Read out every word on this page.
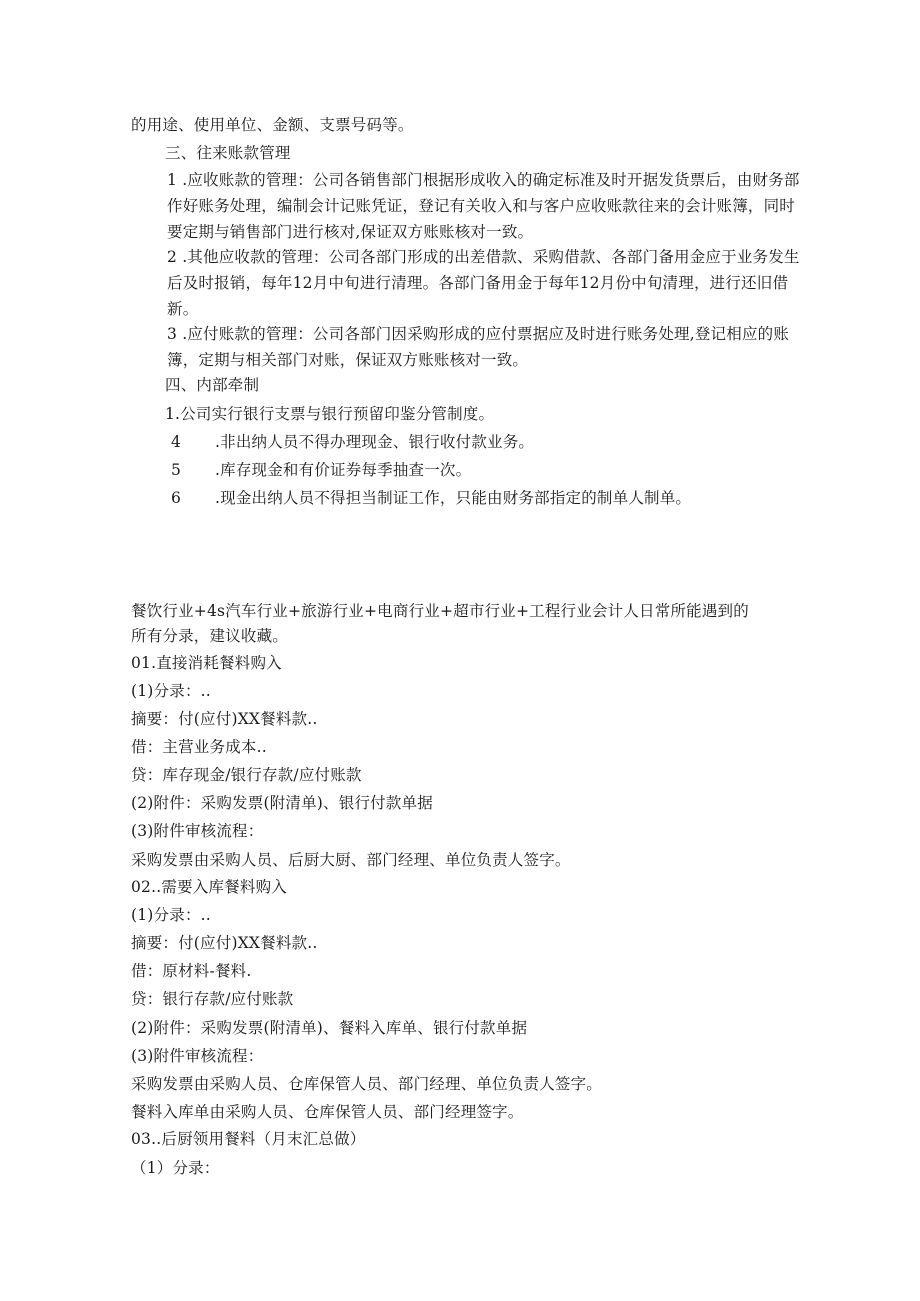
的用途、使用单位、金额、支票号码等。
三、往来账款管理
1 .应收账款的管理：公司各销售部门根据形成收入的确定标准及时开据发货票后，由财务部作好账务处理，编制会计记账凭证，登记有关收入和与客户应收账款往来的会计账簿，同时要定期与销售部门进行核对,保证双方账账核对一致。
2 .其他应收款的管理：公司各部门形成的出差借款、采购借款、各部门备用金应于业务发生后及时报销，每年12月中旬进行清理。各部门备用金于每年12月份中旬清理，进行还旧借新。
3 .应付账款的管理：公司各部门因采购形成的应付票据应及时进行账务处理,登记相应的账簿，定期与相关部门对账，保证双方账账核对一致。
四、内部牵制
1.公司实行银行支票与银行预留印鉴分管制度。
4 .非出纳人员不得办理现金、银行收付款业务。
5 .库存现金和有价证券每季抽查一次。
6 .现金出纳人员不得担当制证工作，只能由财务部指定的制单人制单。
餐饮行业+4s汽车行业+旅游行业+电商行业+超市行业+工程行业会计人日常所能遇到的
所有分录，建议收藏。
01.直接消耗餐料购入
(1)分录：..
摘要：付(应付)XX餐料款..
借：主营业务成本..
贷：库存现金/银行存款/应付账款
(2)附件：采购发票(附清单)、银行付款单据
(3)附件审核流程：
采购发票由采购人员、后厨大厨、部门经理、单位负责人签字。
02..需要入库餐料购入
(1)分录：..
摘要：付(应付)XX餐料款..
借：原材料-餐料.
贷：银行存款/应付账款
(2)附件：采购发票(附清单)、餐料入库单、银行付款单据
(3)附件审核流程：
采购发票由采购人员、仓库保管人员、部门经理、单位负责人签字。
餐料入库单由采购人员、仓库保管人员、部门经理签字。
03..后厨领用餐料（月末汇总做）
（1）分录：
